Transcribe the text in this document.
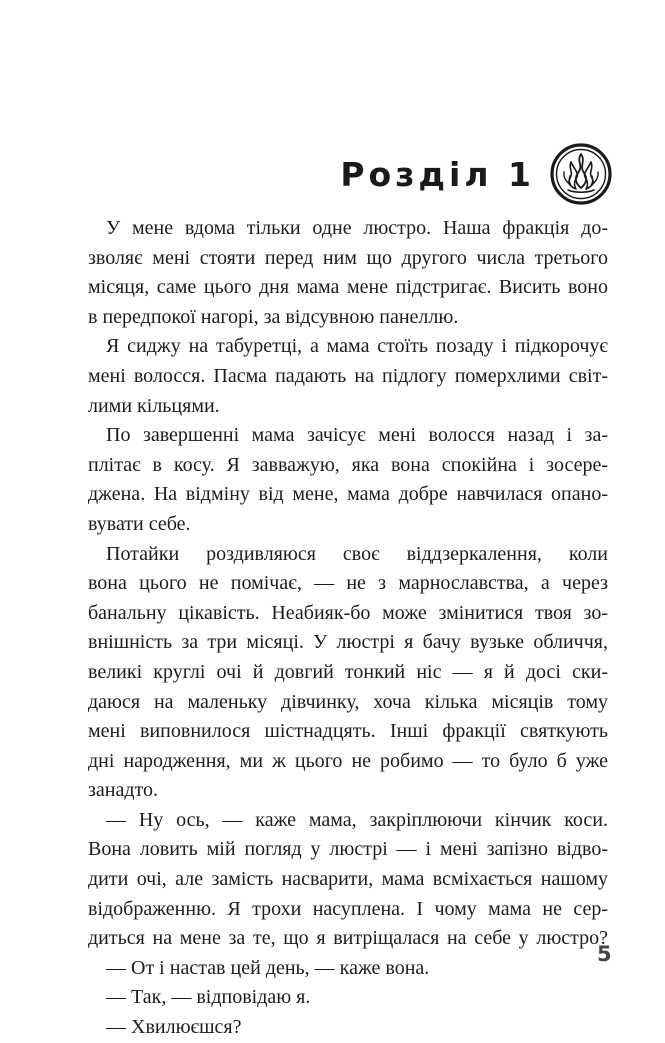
Розділ 1
У мене вдома тільки одне люстро. Наша фракція до-
зволяє мені стояти перед ним що другого числа третього
місяця, саме цього дня мама мене підстригає. Висить воно
в передпокої нагорі, за відсувною панеллю.
Я сиджу на табуретці, а мама стоїть позаду і підкорочує
мені волосся. Пасма падають на підлогу померхлими світ-
лими кільцями.
По завершенні мама зачісує мені волосся назад і за-
плітає в косу. Я завважую, яка вона спокійна і зосере-
джена. На відміну від мене, мама добре навчилася опано-
вувати себе.
Потайки роздивляюся своє віддзеркалення, коли
вона цього не помічає, — не з марнославства, а через
банальну цікавість. Неабияк-бо може змінитися твоя зо-
внішність за три місяці. У люстрі я бачу вузьке обличчя,
великі круглі очі й довгий тонкий ніс — я й досі ски-
даюся на маленьку дівчинку, хоча кілька місяців тому
мені виповнилося шістнадцять. Інші фракції святкують
дні народження, ми ж цього не робимо — то було б уже
занадто.
— Ну ось, — каже мама, закріплюючи кінчик коси.
Вона ловить мій погляд у люстрі — і мені запізно відво-
дити очі, але замість насварити, мама всміхається нашому
відображенню. Я трохи насуплена. І чому мама не сер-
диться на мене за те, що я витріщалася на себе у люстро?
— От і настав цей день, — каже вона.
— Так, — відповідаю я.
— Хвилюєшся?
5
